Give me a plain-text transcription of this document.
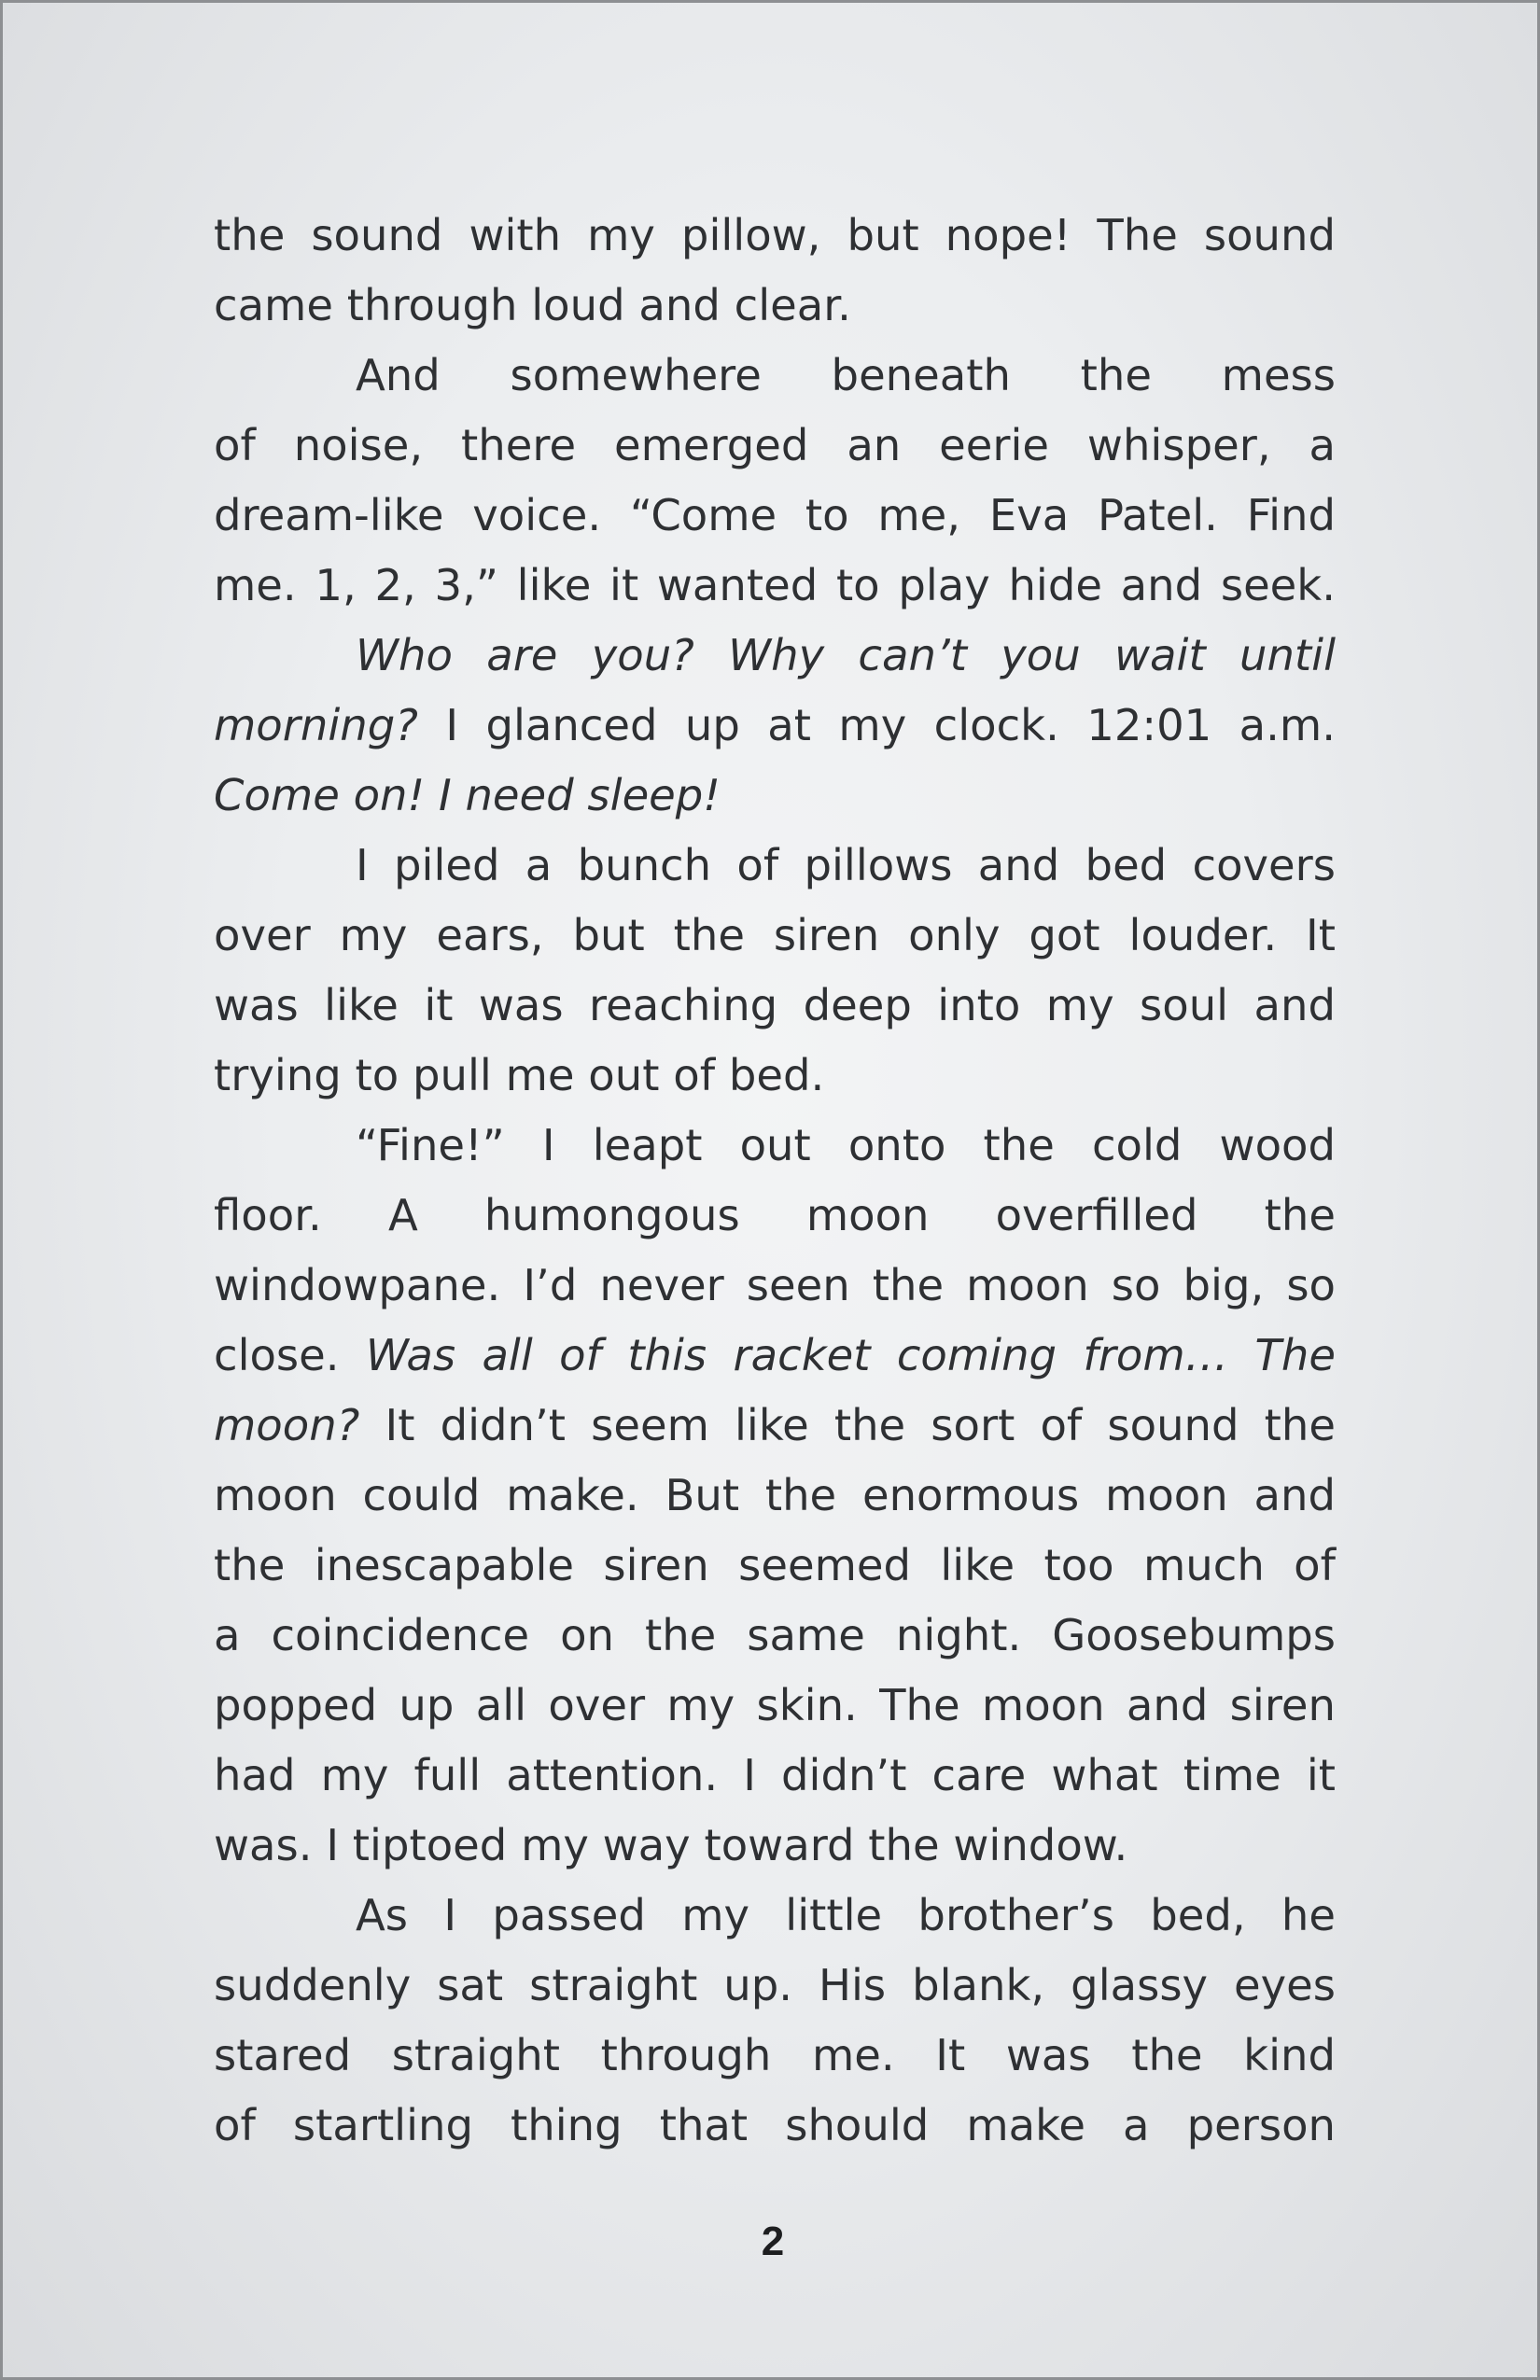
the sound with my pillow, but nope! The sound
came through loud and clear.
And somewhere beneath the mess
of noise, there emerged an eerie whisper, a
dream-like voice. “Come to me, Eva Patel. Find
me. 1, 2, 3,” like it wanted to play hide and seek.
Who are you? Why can’t you wait until
morning? I glanced up at my clock. 12:01 a.m.
Come on! I need sleep!
I piled a bunch of pillows and bed covers
over my ears, but the siren only got louder. It
was like it was reaching deep into my soul and
trying to pull me out of bed.
“Fine!” I leapt out onto the cold wood
floor. A humongous moon overfilled the
windowpane. I’d never seen the moon so big, so
close. Was all of this racket coming from… The
moon? It didn’t seem like the sort of sound the
moon could make. But the enormous moon and
the inescapable siren seemed like too much of
a coincidence on the same night. Goosebumps
popped up all over my skin. The moon and siren
had my full attention. I didn’t care what time it
was. I tiptoed my way toward the window.
As I passed my little brother’s bed, he
suddenly sat straight up. His blank, glassy eyes
stared straight through me. It was the kind
of startling thing that should make a person
2
